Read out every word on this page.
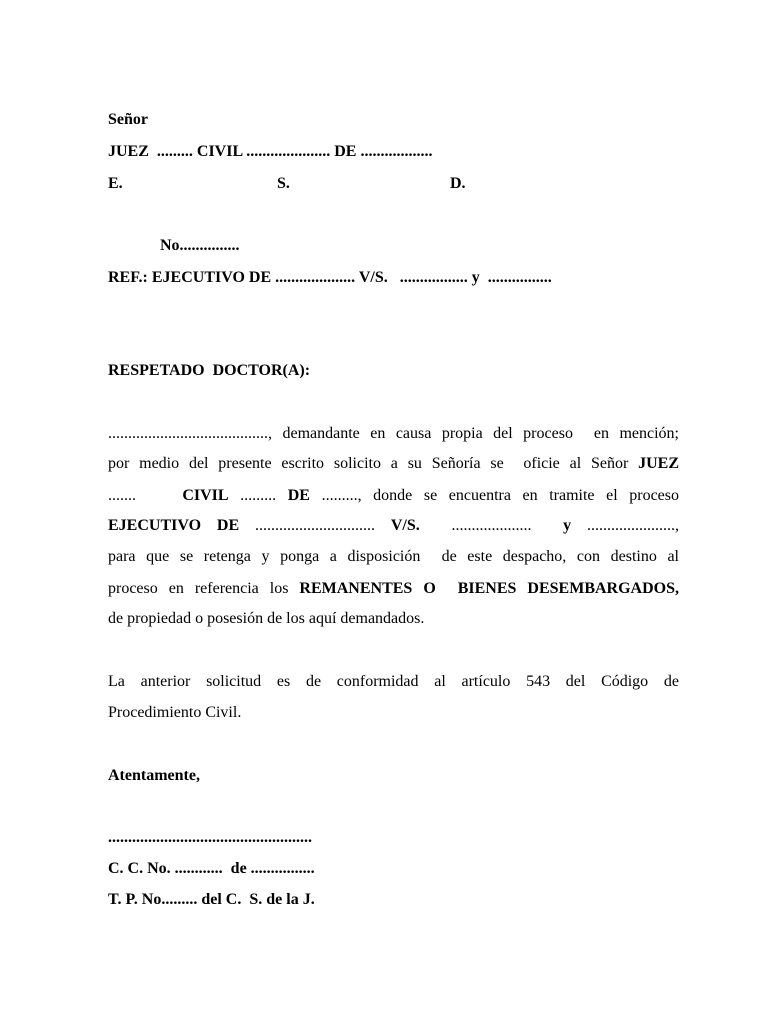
Señor
JUEZ  ......... CIVIL ..................... DE ..................
E.	S.	D.
No...............
REF.: EJECUTIVO DE .................... V/S.   ................. y  ................
RESPETADO  DOCTOR(A):
........................................, demandante en causa propia del proceso  en mención;
por medio del presente escrito solicito a su Señoría se  oficie al Señor JUEZ
.......    CIVIL ......... DE ........., donde se encuentra en tramite el proceso
EJECUTIVO DE .............................. V/S.  ....................  y ......................,
para que se retenga y ponga a disposición  de este despacho, con destino al
proceso en referencia los REMANENTES O  BIENES DESEMBARGADOS,
de propiedad o posesión de los aquí demandados.
La anterior solicitud es de conformidad al artículo 543 del Código de
Procedimiento Civil.
Atentamente,
...................................................
C. C. No. ............  de ................
T. P. No......... del C.  S. de la J.
